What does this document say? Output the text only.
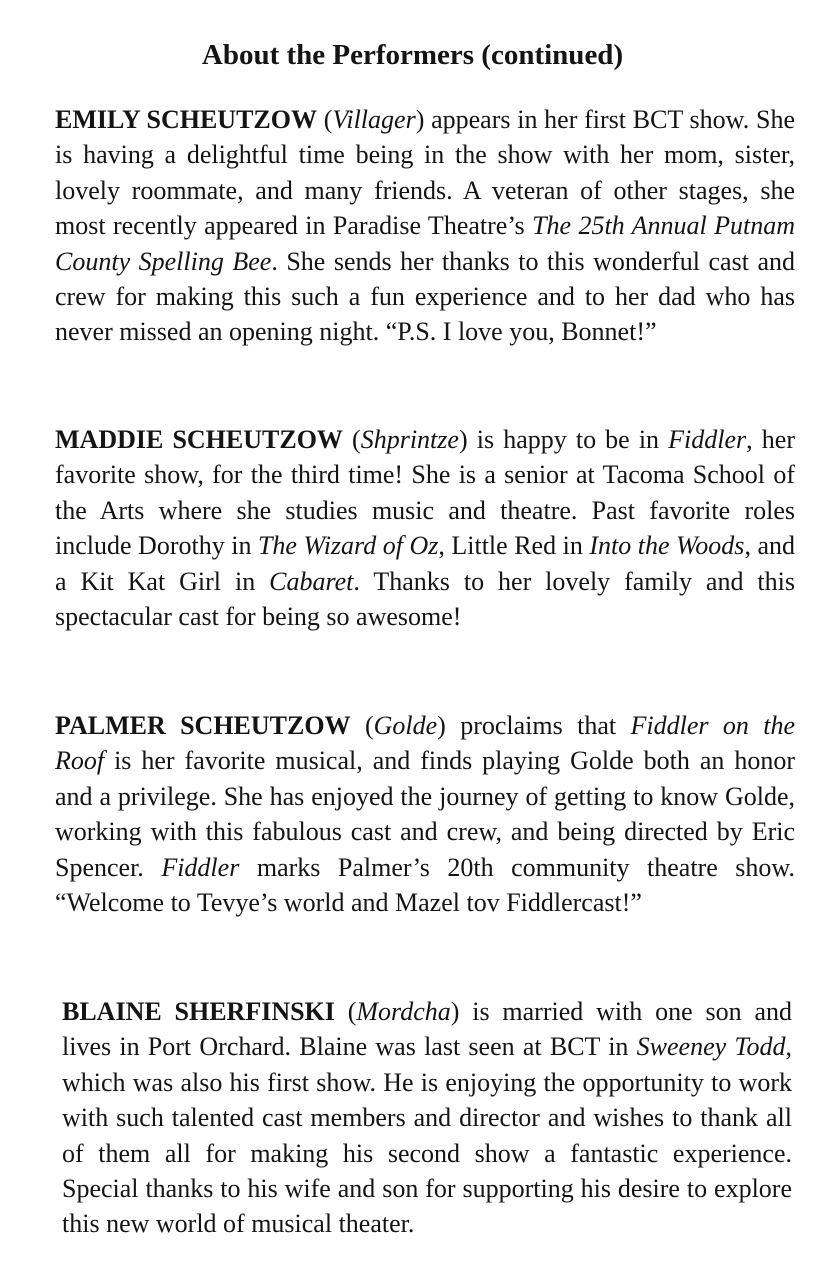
About the Performers (continued)

EMILY SCHEUTZOW (Villager) appears in her first BCT show. She is having a delightful time being in the show with her mom, sister, lovely roommate, and many friends. A veteran of other stages, she most recently appeared in Paradise Theatre’s The 25th Annual Putnam County Spelling Bee. She sends her thanks to this wonderful cast and crew for making this such a fun experience and to her dad who has never missed an opening night. “P.S. I love you, Bonnet!”

MADDIE SCHEUTZOW (Shprintze) is happy to be in Fiddler, her favorite show, for the third time! She is a senior at Tacoma School of the Arts where she studies music and theatre. Past favorite roles include Dorothy in The Wizard of Oz, Little Red in Into the Woods, and a Kit Kat Girl in Cabaret. Thanks to her lovely family and this spectacular cast for being so awesome!

PALMER SCHEUTZOW (Golde) proclaims that Fiddler on the Roof is her favorite musical, and finds playing Golde both an honor and a privilege. She has enjoyed the journey of getting to know Golde, working with this fabulous cast and crew, and being directed by Eric Spencer. Fiddler marks Palmer’s 20th community theatre show. “Welcome to Tevye’s world and Mazel tov Fiddlercast!”

BLAINE SHERFINSKI (Mordcha) is married with one son and lives in Port Orchard. Blaine was last seen at BCT in Sweeney Todd, which was also his first show. He is enjoying the opportunity to work with such talented cast members and director and wishes to thank all of them all for making his second show a fantastic experience. Special thanks to his wife and son for supporting his desire to explore this new world of musical theater.
